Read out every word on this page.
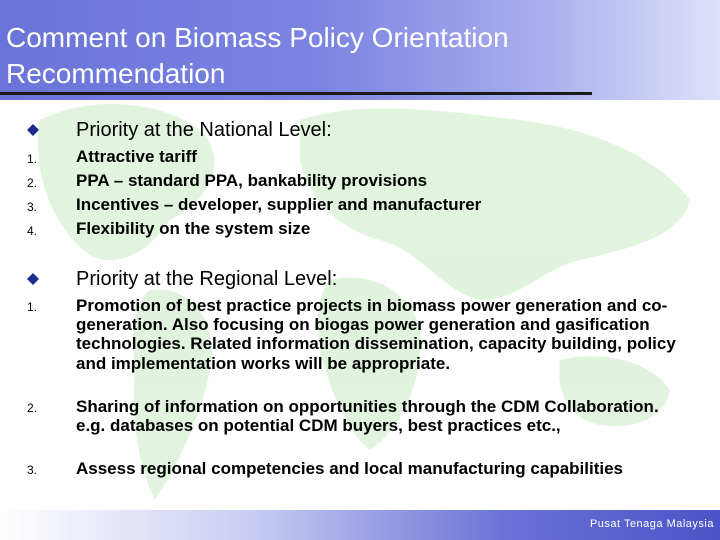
Comment on Biomass Policy Orientation Recommendation
Priority at the National Level:
1. Attractive tariff
2. PPA – standard PPA, bankability provisions
3. Incentives – developer, supplier and manufacturer
4. Flexibility on the system size
Priority at the Regional Level:
1. Promotion of best practice projects in biomass power generation and co-generation. Also focusing on biogas power generation and gasification technologies. Related information dissemination, capacity building, policy and implementation works will be appropriate.
2. Sharing of information on opportunities through the CDM Collaboration. e.g. databases on potential CDM buyers, best practices etc.,
3. Assess regional competencies and local manufacturing capabilities
Pusat Tenaga Malaysia
